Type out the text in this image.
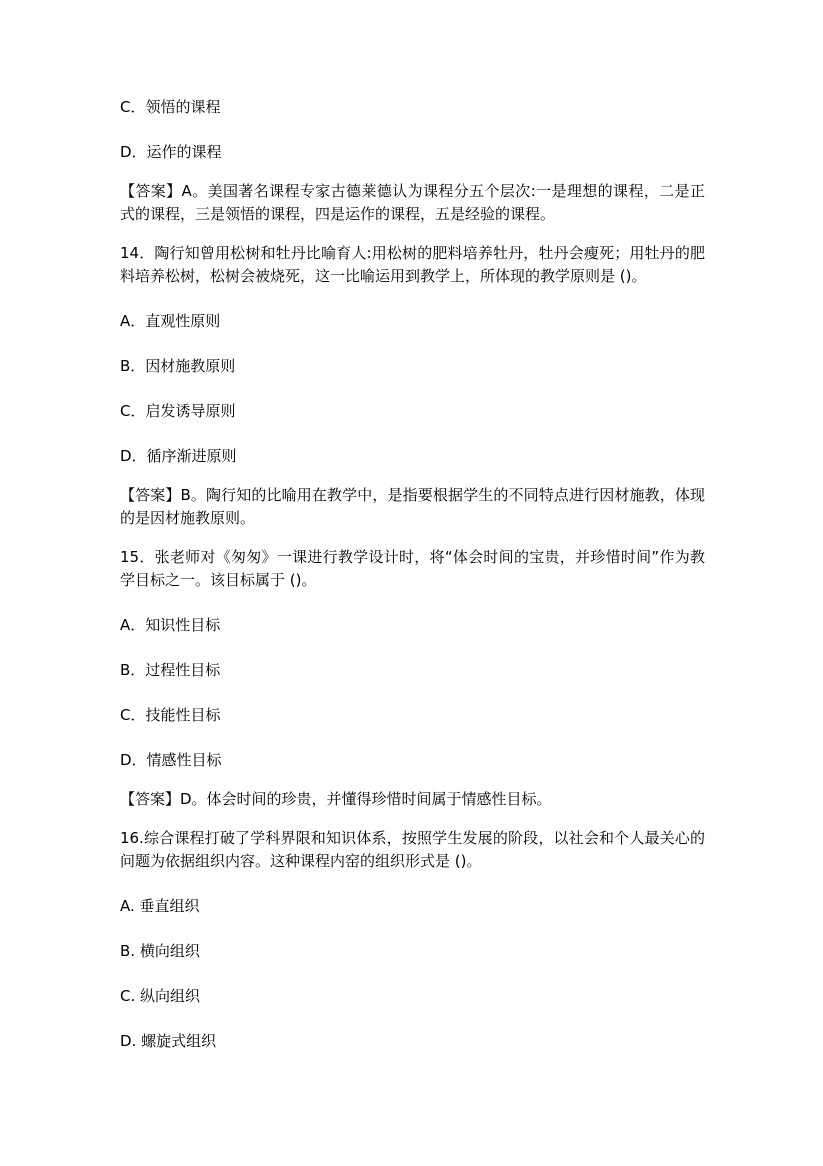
C．领悟的课程

D．运作的课程

【答案】A。美国著名课程专家古德莱德认为课程分五个层次:一是理想的课程，二是正式的课程，三是领悟的课程，四是运作的课程，五是经验的课程。

14．陶行知曾用松树和牡丹比喻育人:用松树的肥料培养牡丹，牡丹会瘦死；用牡丹的肥料培养松树，松树会被烧死，这一比喻运用到教学上，所体现的教学原则是 ()。

A．直观性原则

B．因材施教原则

C．启发诱导原则

D．循序渐进原则

【答案】B。陶行知的比喻用在教学中，是指要根据学生的不同特点进行因材施教，体现的是因材施教原则。

15．张老师对《匆匆》一课进行教学设计时，将“体会时间的宝贵，并珍惜时间”作为教学目标之一。该目标属于 ()。

A．知识性目标

B．过程性目标

C．技能性目标

D．情感性目标

【答案】D。体会时间的珍贵，并懂得珍惜时间属于情感性目标。

16.综合课程打破了学科界限和知识体系，按照学生发展的阶段，以社会和个人最关心的问题为依据组织内容。这种课程内窑的组织形式是 ()。

A. 垂直组织

B. 横向组织

C. 纵向组织

D. 螺旋式组织
